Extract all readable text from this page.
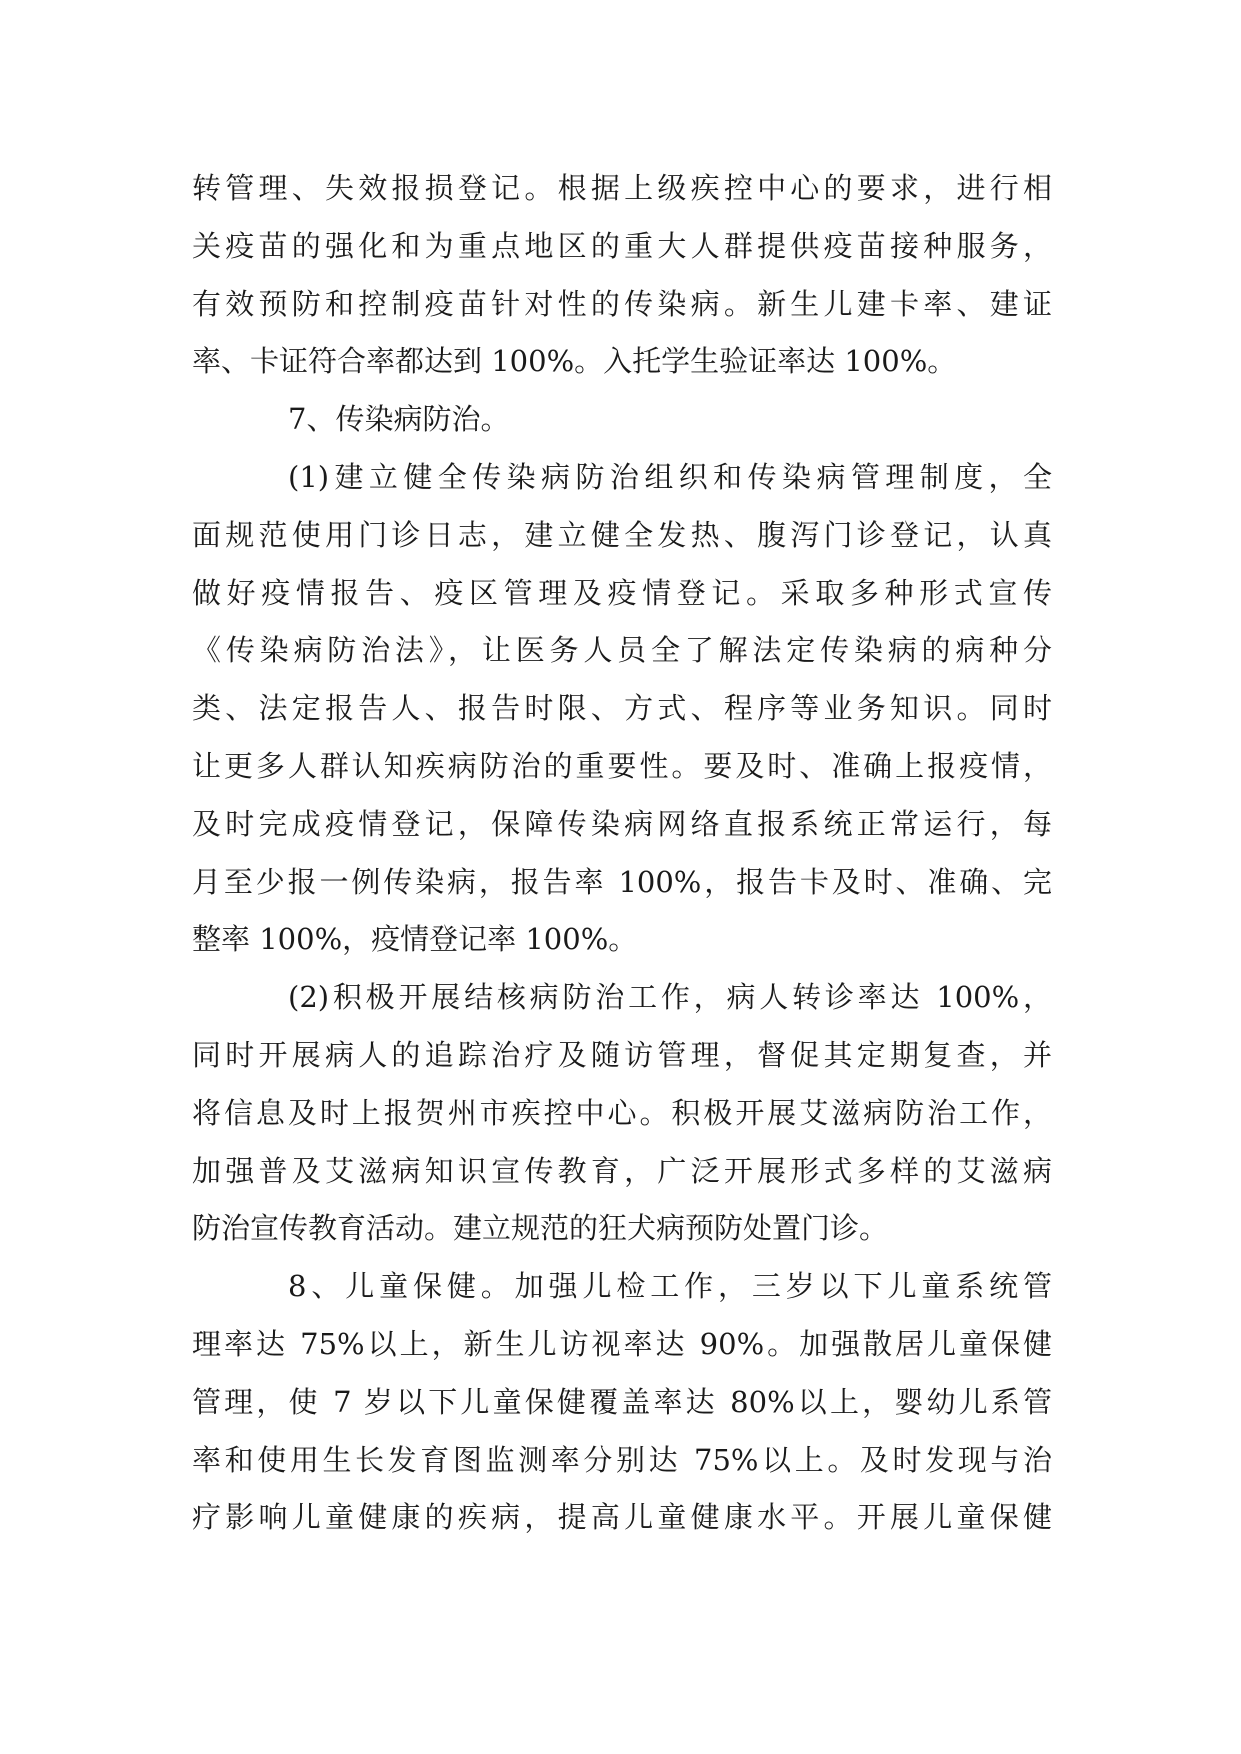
转管理、失效报损登记。根据上级疾控中心的要求，进行相
关疫苗的强化和为重点地区的重大人群提供疫苗接种服务，
有效预防和控制疫苗针对性的传染病。新生儿建卡率、建证
率、卡证符合率都达到 100%。入托学生验证率达 100%。
7、传染病防治。
(1)建立健全传染病防治组织和传染病管理制度，全
面规范使用门诊日志，建立健全发热、腹泻门诊登记，认真
做好疫情报告、疫区管理及疫情登记。采取多种形式宣传
《传染病防治法》，让医务人员全了解法定传染病的病种分
类、法定报告人、报告时限、方式、程序等业务知识。同时
让更多人群认知疾病防治的重要性。要及时、准确上报疫情，
及时完成疫情登记，保障传染病网络直报系统正常运行，每
月至少报一例传染病，报告率 100%，报告卡及时、准确、完
整率 100%，疫情登记率 100%。
(2)积极开展结核病防治工作，病人转诊率达 100%，
同时开展病人的追踪治疗及随访管理，督促其定期复查，并
将信息及时上报贺州市疾控中心。积极开展艾滋病防治工作，
加强普及艾滋病知识宣传教育，广泛开展形式多样的艾滋病
防治宣传教育活动。建立规范的狂犬病预防处置门诊。
8、儿童保健。加强儿检工作，三岁以下儿童系统管
理率达 75%以上，新生儿访视率达 90%。加强散居儿童保健
管理，使 7 岁以下儿童保健覆盖率达 80%以上，婴幼儿系管
率和使用生长发育图监测率分别达 75%以上。及时发现与治
疗影响儿童健康的疾病，提高儿童健康水平。开展儿童保健
